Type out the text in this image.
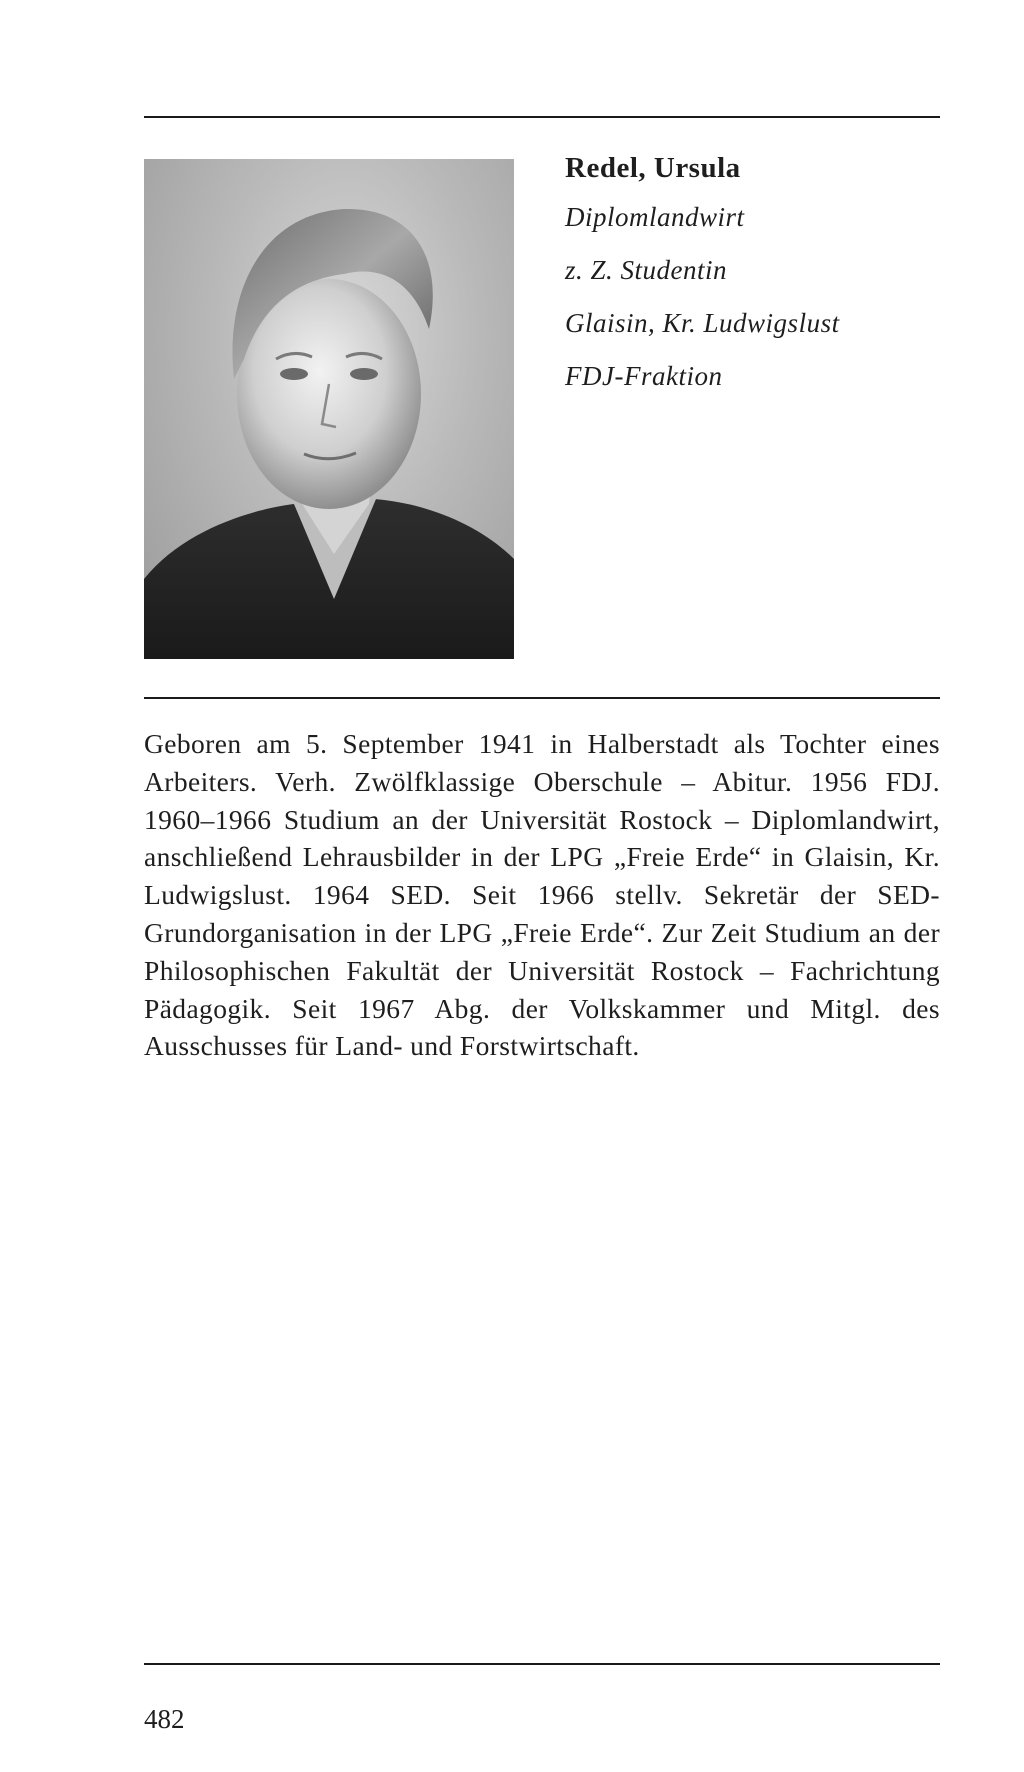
Redel, Ursula
Diplomlandwirt
z. Z. Studentin
Glaisin, Kr. Ludwigslust
FDJ-Fraktion

Geboren am 5. September 1941 in Halberstadt als Tochter eines Arbeiters. Verh. Zwölfklassige Oberschule – Abitur. 1956 FDJ. 1960–1966 Studium an der Universität Rostock – Diplomlandwirt, anschließend Lehrausbilder in der LPG „Freie Erde“ in Glaisin, Kr. Ludwigslust. 1964 SED. Seit 1966 stellv. Sekretär der SED-Grundorganisation in der LPG „Freie Erde“. Zur Zeit Studium an der Philosophischen Fakultät der Universität Rostock – Fachrichtung Pädagogik. Seit 1967 Abg. der Volkskammer und Mitgl. des Ausschusses für Land- und Forstwirtschaft.

482
